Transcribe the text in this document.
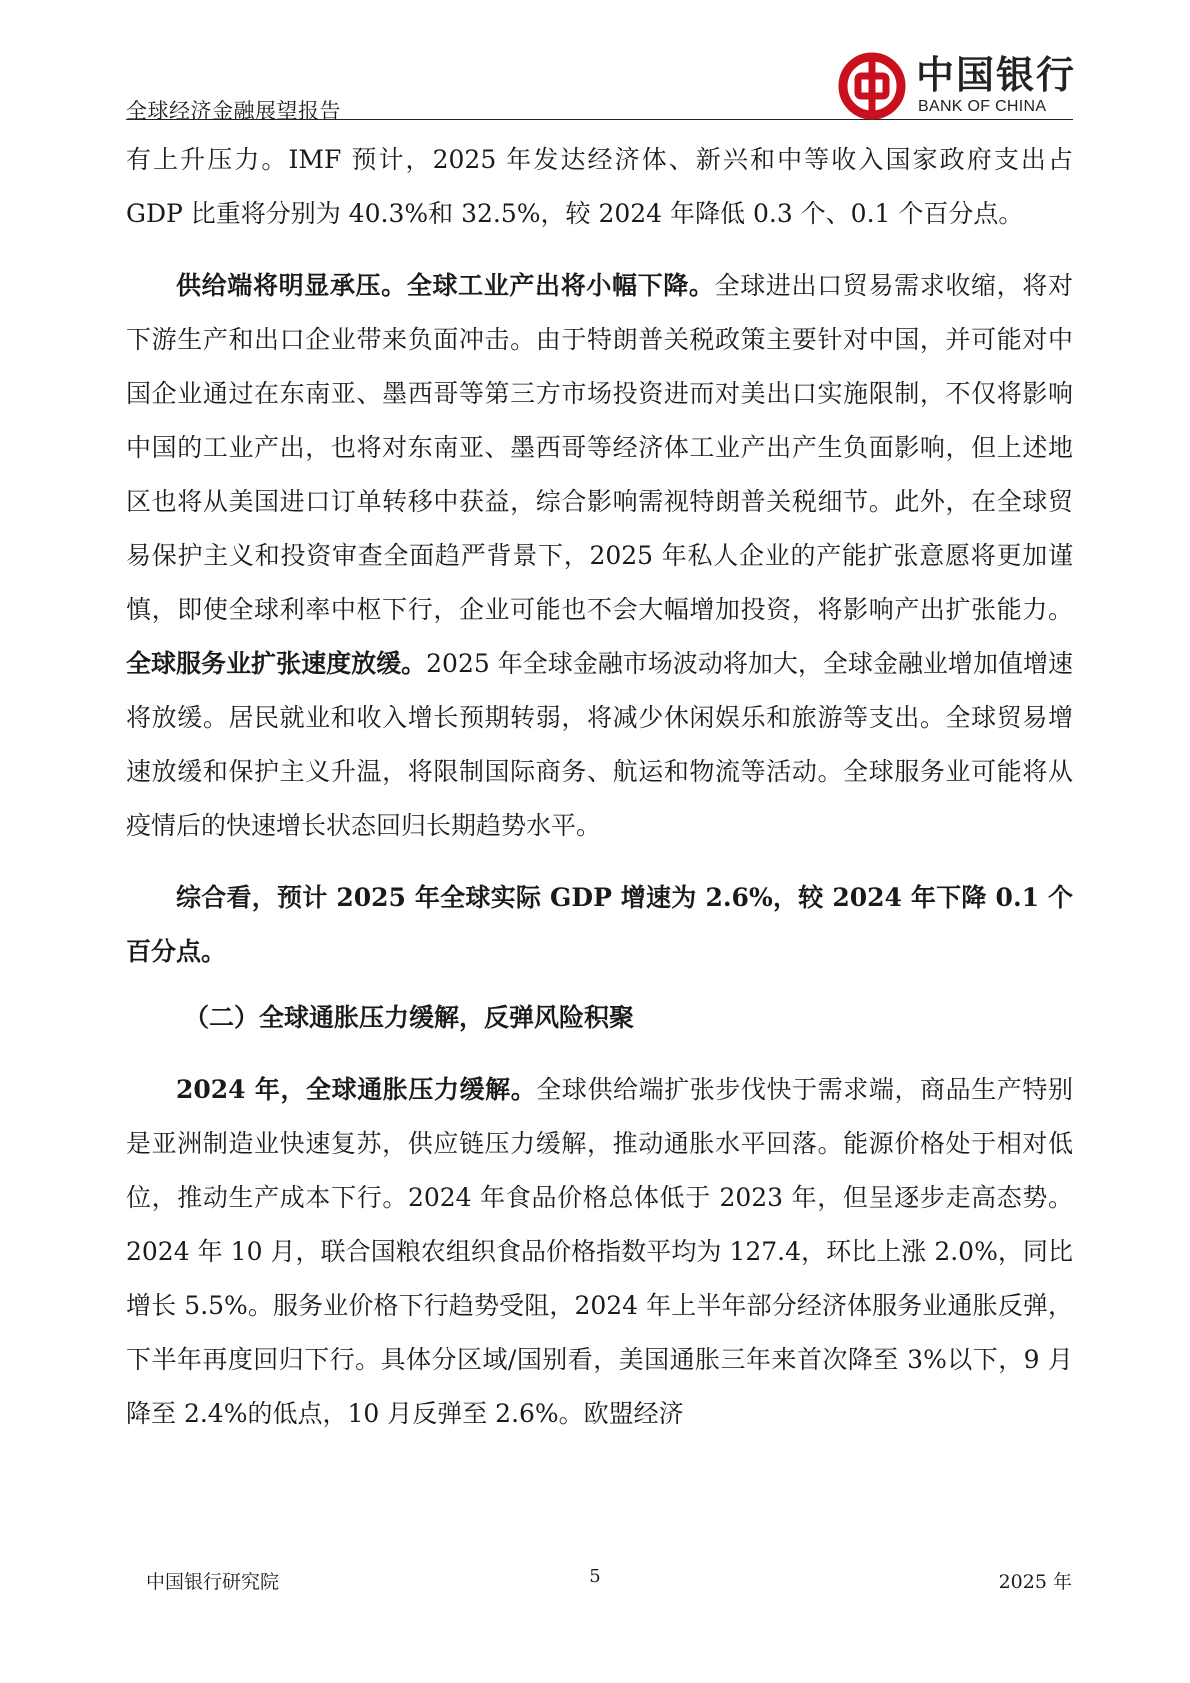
全球经济金融展望报告
中国银行
BANK OF CHINA

有上升压力。IMF 预计，2025 年发达经济体、新兴和中等收入国家政府支出占 GDP 比重将分别为 40.3%和 32.5%，较 2024 年降低 0.3 个、0.1 个百分点。

供给端将明显承压。全球工业产出将小幅下降。全球进出口贸易需求收缩，将对下游生产和出口企业带来负面冲击。由于特朗普关税政策主要针对中国，并可能对中国企业通过在东南亚、墨西哥等第三方市场投资进而对美出口实施限制，不仅将影响中国的工业产出，也将对东南亚、墨西哥等经济体工业产出产生负面影响，但上述地区也将从美国进口订单转移中获益，综合影响需视特朗普关税细节。此外，在全球贸易保护主义和投资审查全面趋严背景下，2025 年私人企业的产能扩张意愿将更加谨慎，即使全球利率中枢下行，企业可能也不会大幅增加投资，将影响产出扩张能力。全球服务业扩张速度放缓。2025 年全球金融市场波动将加大，全球金融业增加值增速将放缓。居民就业和收入增长预期转弱，将减少休闲娱乐和旅游等支出。全球贸易增速放缓和保护主义升温，将限制国际商务、航运和物流等活动。全球服务业可能将从疫情后的快速增长状态回归长期趋势水平。

综合看，预计 2025 年全球实际 GDP 增速为 2.6%，较 2024 年下降 0.1 个百分点。

（二）全球通胀压力缓解，反弹风险积聚

2024 年，全球通胀压力缓解。全球供给端扩张步伐快于需求端，商品生产特别是亚洲制造业快速复苏，供应链压力缓解，推动通胀水平回落。能源价格处于相对低位，推动生产成本下行。2024 年食品价格总体低于 2023 年，但呈逐步走高态势。2024 年 10 月，联合国粮农组织食品价格指数平均为 127.4，环比上涨 2.0%，同比增长 5.5%。服务业价格下行趋势受阻，2024 年上半年部分经济体服务业通胀反弹，下半年再度回归下行。具体分区域/国别看，美国通胀三年来首次降至 3%以下，9 月降至 2.4%的低点，10 月反弹至 2.6%。欧盟经济

中国银行研究院	5	2025 年
